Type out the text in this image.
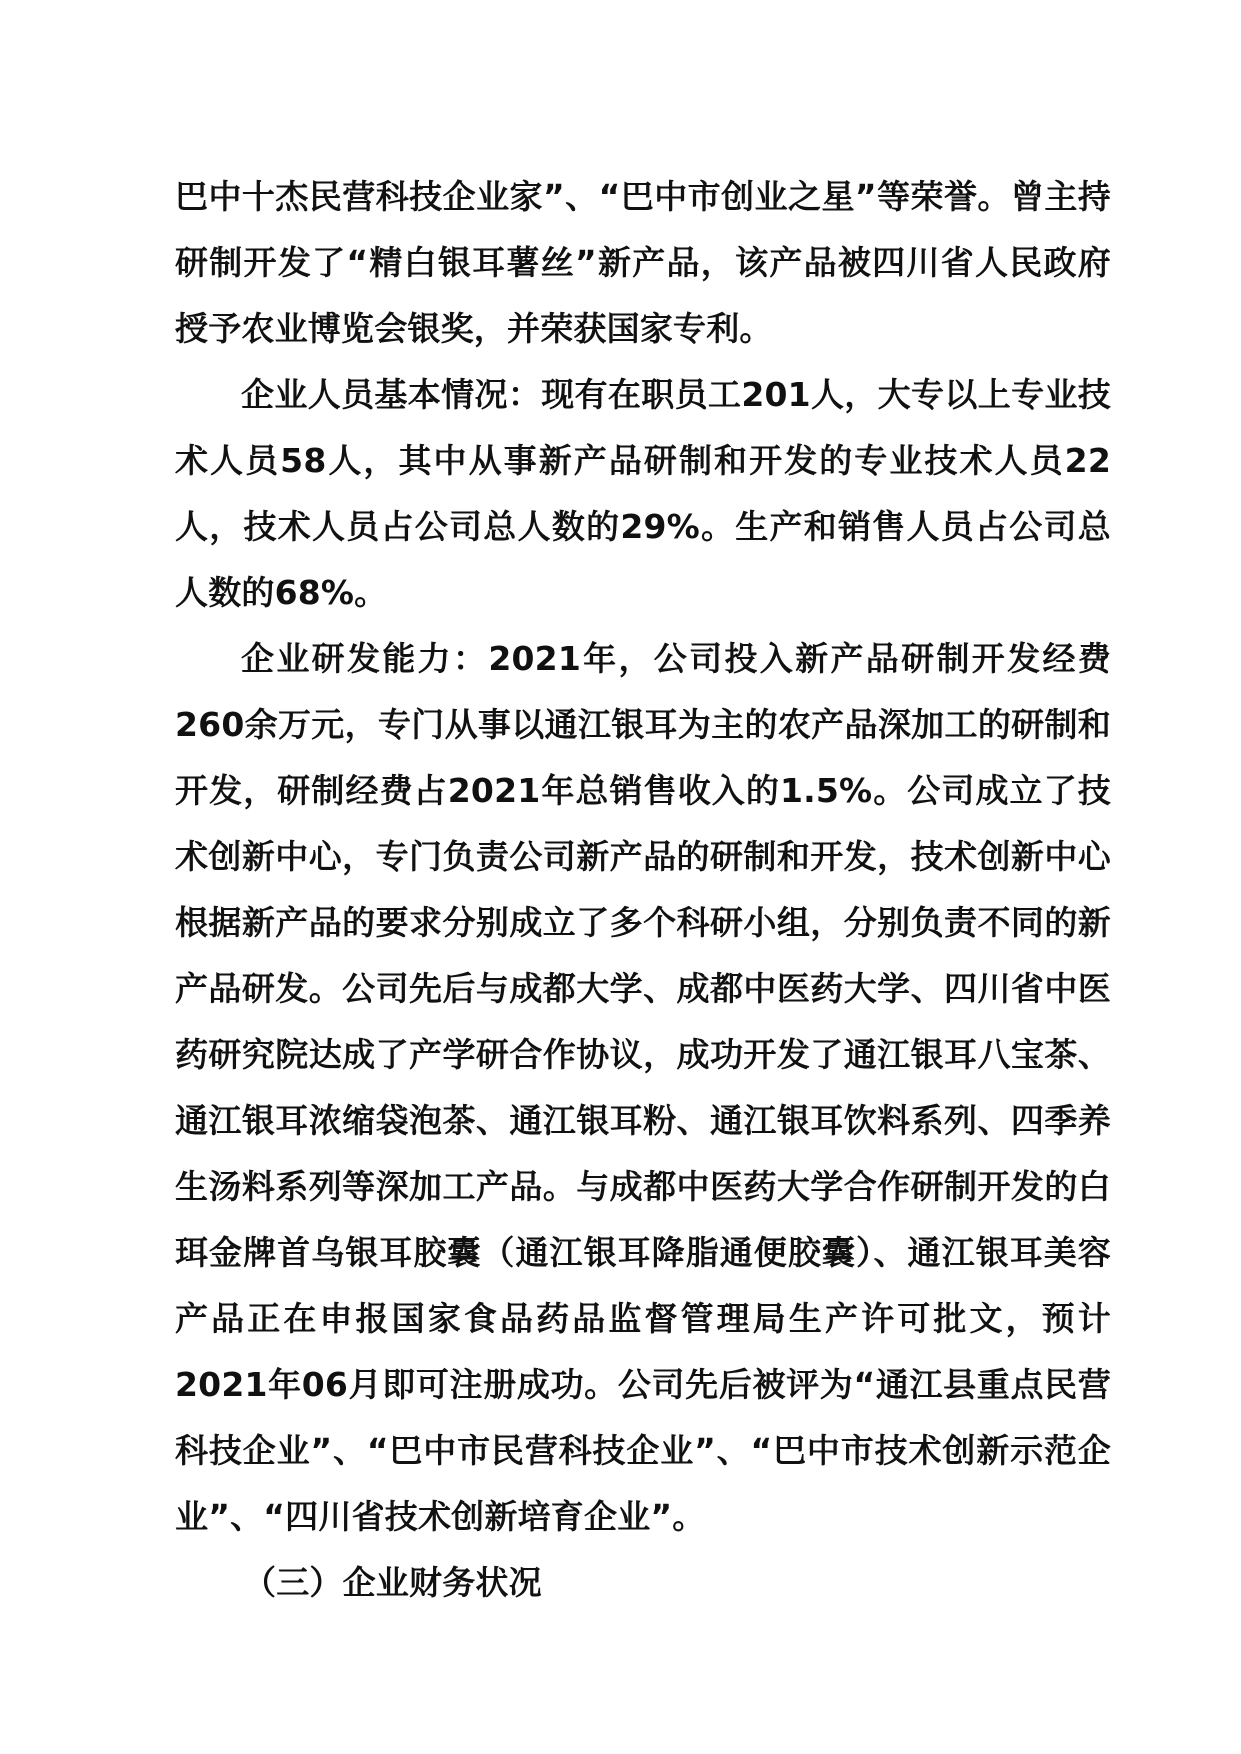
巴中十杰民营科技企业家”、“巴中市创业之星”等荣誉。曾主持研制开发了“精白银耳薯丝”新产品，该产品被四川省人民政府授予农业博览会银奖，并荣获国家专利。

企业人员基本情况：现有在职员工201人，大专以上专业技术人员58人，其中从事新产品研制和开发的专业技术人员22人，技术人员占公司总人数的29%。生产和销售人员占公司总人数的68%。

企业研发能力：2021年，公司投入新产品研制开发经费260余万元，专门从事以通江银耳为主的农产品深加工的研制和开发，研制经费占2021年总销售收入的1.5%。公司成立了技术创新中心，专门负责公司新产品的研制和开发，技术创新中心根据新产品的要求分别成立了多个科研小组，分别负责不同的新产品研发。公司先后与成都大学、成都中医药大学、四川省中医药研究院达成了产学研合作协议，成功开发了通江银耳八宝茶、通江银耳浓缩袋泡茶、通江银耳粉、通江银耳饮料系列、四季养生汤料系列等深加工产品。与成都中医药大学合作研制开发的白珥金牌首乌银耳胶囊（通江银耳降脂通便胶囊）、通江银耳美容产品正在申报国家食品药品监督管理局生产许可批文，预计2021年06月即可注册成功。公司先后被评为“通江县重点民营科技企业”、“巴中市民营科技企业”、“巴中市技术创新示范企业”、“四川省技术创新培育企业”。

（三）企业财务状况
